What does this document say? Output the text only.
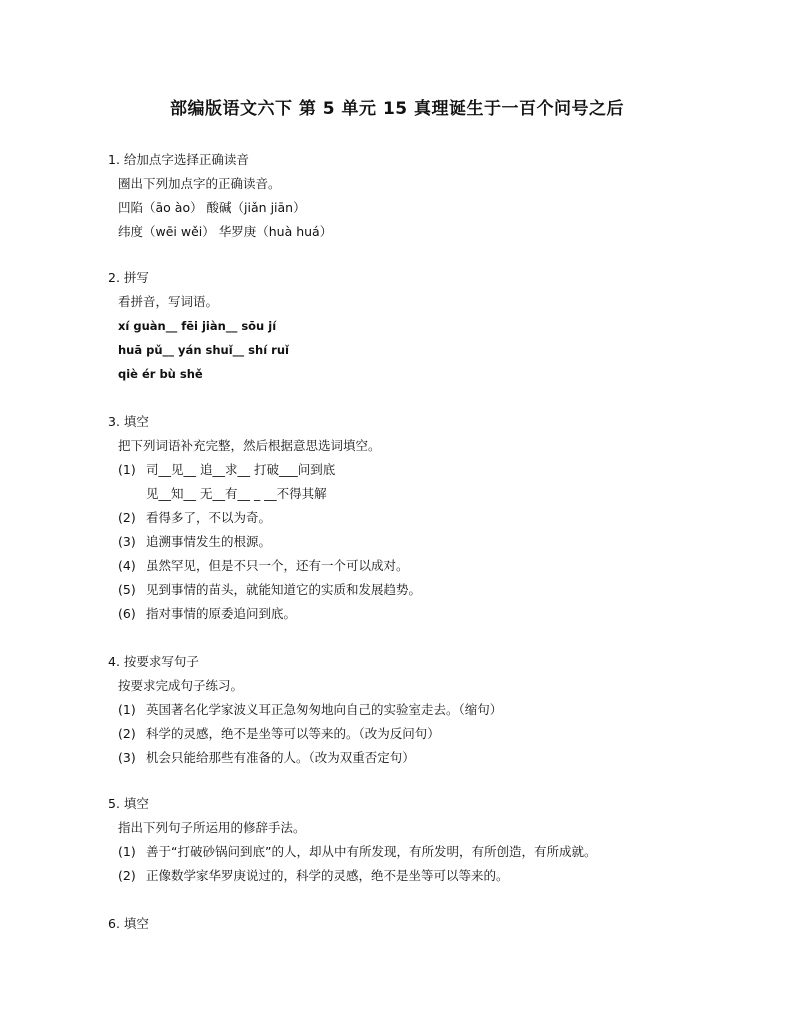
部编版语文六下 第 5 单元 15 真理诞生于一百个问号之后
1. 给加点字选择正确读音
圈出下列加点字的正确读音。
凹陷（āo ào） 酸碱（jiǎn jiān）
纬度（wēi wěi） 华罗庚（huà huá）
2. 拼写
看拼音，写词语。
xí guàn__ fēi jiàn__ sōu jí
huā pǔ__ yán shuǐ__ shí ruǐ
qiè ér bù shě
3. 填空
把下列词语补充完整，然后根据意思选词填空。
(1) 司__见__ 追__求__ 打破___问到底
见__知__ 无__有__ _ __不得其解
(2) 看得多了，不以为奇。
(3) 追溯事情发生的根源。
(4) 虽然罕见，但是不只一个，还有一个可以成对。
(5) 见到事情的苗头，就能知道它的实质和发展趋势。
(6) 指对事情的原委追问到底。
4. 按要求写句子
按要求完成句子练习。
(1) 英国著名化学家波义耳正急匆匆地向自己的实验室走去。（缩句）
(2) 科学的灵感，绝不是坐等可以等来的。（改为反问句）
(3) 机会只能给那些有准备的人。（改为双重否定句）
5. 填空
指出下列句子所运用的修辞手法。
(1) 善于“打破砂锅问到底”的人，却从中有所发现，有所发明，有所创造，有所成就。
(2) 正像数学家华罗庚说过的，科学的灵感，绝不是坐等可以等来的。
6. 填空
